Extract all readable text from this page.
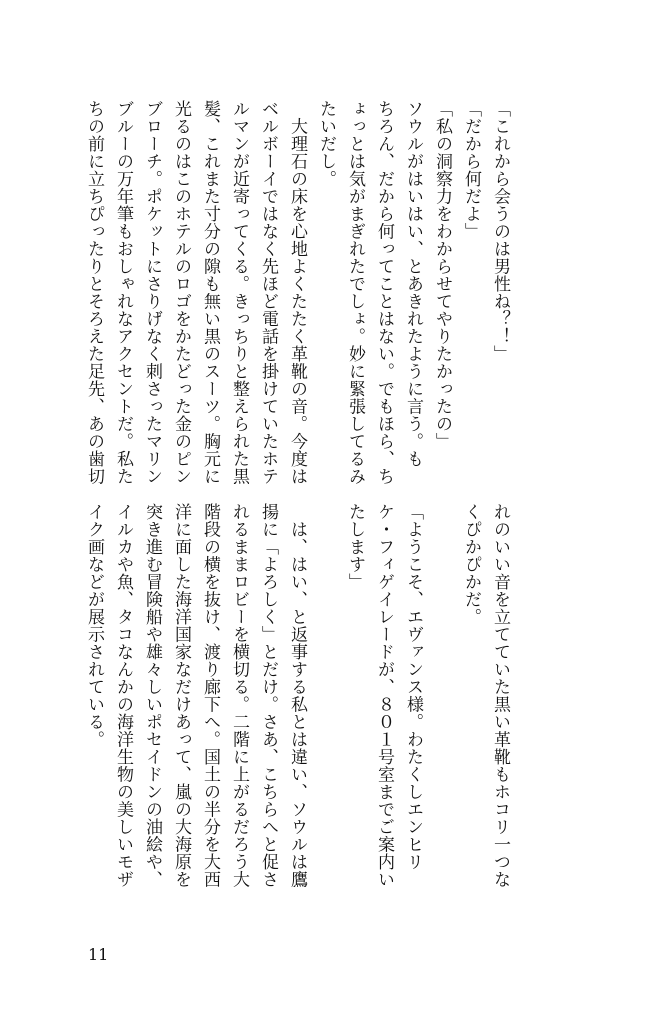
「これから会うのは男性ね？！」
「だから何だよ」
「私の洞察力をわからせてやりたかったの」
ソウルがはいはい、とあきれたように言う。も
ちろん、だから何ってことはない。でもほら、ち
ょっとは気がまぎれたでしょ。妙に緊張してるみ
たいだし。
　大理石の床を心地よくたたく革靴の音。今度は
ベルボーイではなく先ほど電話を掛けていたホテ
ルマンが近寄ってくる。きっちりと整えられた黒
髪、これまた寸分の隙も無い黒のスーツ。胸元に
光るのはこのホテルのロゴをかたどった金のピン
ブローチ。ポケットにさりげなく刺さったマリン
ブルーの万年筆もおしゃれなアクセントだ。私た
ちの前に立ちぴったりとそろえた足先、あの歯切
れのいい音を立てていた黒い革靴もホコリ一つな
くぴかぴかだ。
「ようこそ、エヴァンス様。わたくしエンヒリ
ケ・フィゲイレードが、８０１号室までご案内い
たします」
　は、はい、と返事する私とは違い、ソウルは鷹
揚に「よろしく」とだけ。さあ、こちらへと促さ
れるままロビーを横切る。二階に上がるだろう大
階段の横を抜け、渡り廊下へ。国土の半分を大西
洋に面した海洋国家なだけあって、嵐の大海原を
突き進む冒険船や雄々しいポセイドンの油絵や、
イルカや魚、タコなんかの海洋生物の美しいモザ
イク画などが展示されている。
11
